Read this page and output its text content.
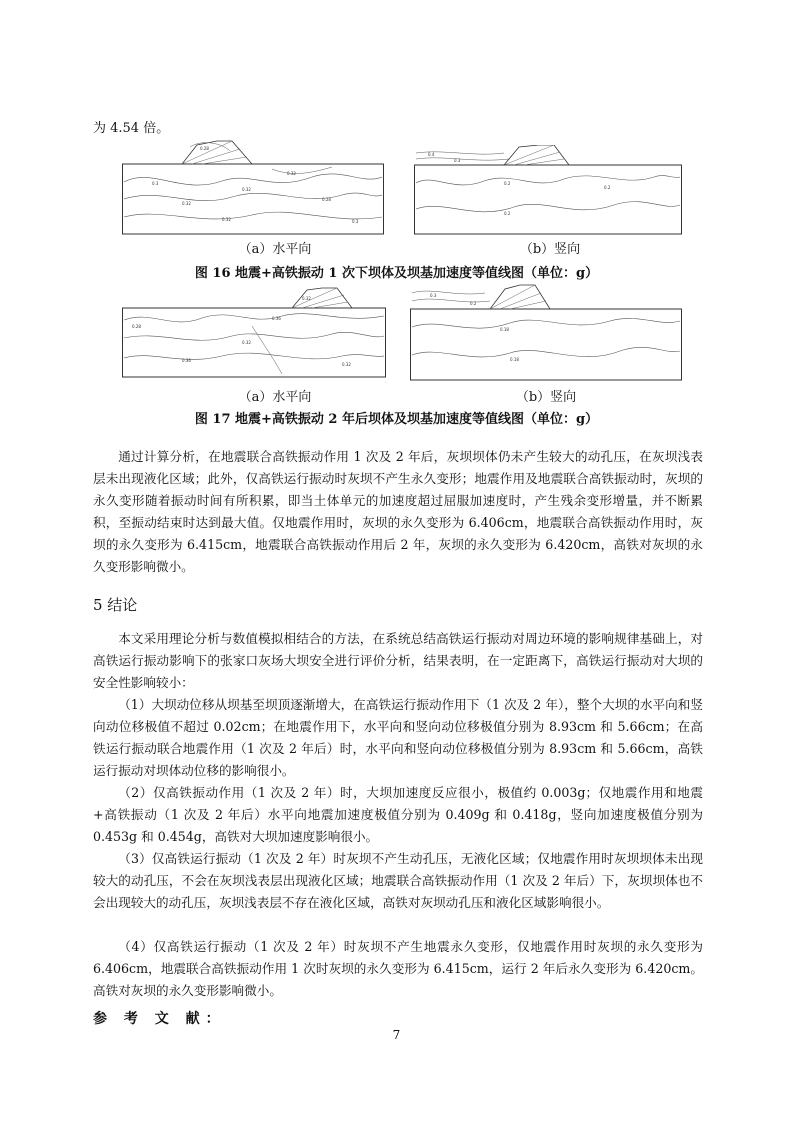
为 4.54 倍。
0.28
0.32
0.3
0.32
0.32
0.28
0.32	0.3
0.4
0.3
0.2
0.2
0.2
（a）水平向	（b）竖向
图 16 地震+高铁振动 1 次下坝体及坝基加速度等值线图（单位：g）
0.32
0.36
0.28
0.32
0.36
0.32
0.3
0.2
0.18
0.18
（a）水平向	（b）竖向
图 17 地震+高铁振动 2 年后坝体及坝基加速度等值线图（单位：g）

通过计算分析，在地震联合高铁振动作用 1 次及 2 年后，灰坝坝体仍未产生较大的动孔压，在灰坝浅表层未出现液化区域；此外，仅高铁运行振动时灰坝不产生永久变形；地震作用及地震联合高铁振动时，灰坝的永久变形随着振动时间有所积累，即当土体单元的加速度超过屈服加速度时，产生残余变形增量，并不断累积，至振动结束时达到最大值。仅地震作用时，灰坝的永久变形为 6.406cm，地震联合高铁振动作用时，灰坝的永久变形为 6.415cm，地震联合高铁振动作用后 2 年，灰坝的永久变形为 6.420cm，高铁对灰坝的永久变形影响微小。

5 结论

本文采用理论分析与数值模拟相结合的方法，在系统总结高铁运行振动对周边环境的影响规律基础上，对高铁运行振动影响下的张家口灰场大坝安全进行评价分析，结果表明，在一定距离下，高铁运行振动对大坝的安全性影响较小：

（1）大坝动位移从坝基至坝顶逐渐增大，在高铁运行振动作用下（1 次及 2 年），整个大坝的水平向和竖向动位移极值不超过 0.02cm；在地震作用下，水平向和竖向动位移极值分别为 8.93cm 和 5.66cm；在高铁运行振动联合地震作用（1 次及 2 年后）时，水平向和竖向动位移极值分别为 8.93cm 和 5.66cm，高铁运行振动对坝体动位移的影响很小。

（2）仅高铁振动作用（1 次及 2 年）时，大坝加速度反应很小，极值约 0.003g；仅地震作用和地震+高铁振动（1 次及 2 年后）水平向地震加速度极值分别为 0.409g 和 0.418g，竖向加速度极值分别为 0.453g 和 0.454g，高铁对大坝加速度影响很小。

（3）仅高铁运行振动（1 次及 2 年）时灰坝不产生动孔压，无液化区域；仅地震作用时灰坝坝体未出现较大的动孔压，不会在灰坝浅表层出现液化区域；地震联合高铁振动作用（1 次及 2 年后）下，灰坝坝体也不会出现较大的动孔压，灰坝浅表层不存在液化区域，高铁对灰坝动孔压和液化区域影响很小。

（4）仅高铁运行振动（1 次及 2 年）时灰坝不产生地震永久变形，仅地震作用时灰坝的永久变形为 6.406cm，地震联合高铁振动作用 1 次时灰坝的永久变形为 6.415cm，运行 2 年后永久变形为 6.420cm。高铁对灰坝的永久变形影响微小。

参 考 文 献：
7
